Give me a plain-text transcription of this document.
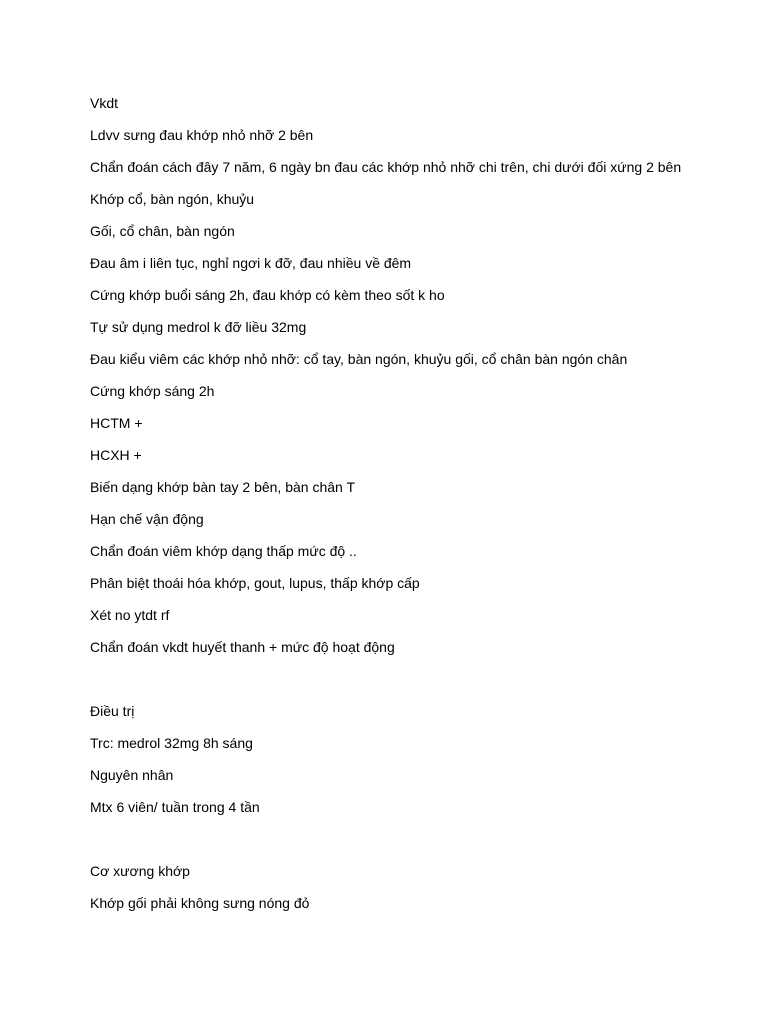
Vkdt
Ldvv sưng đau khớp nhỏ nhỡ 2 bên
Chẩn đoán cách đây 7 năm, 6 ngày bn đau các khớp nhỏ nhỡ chi trên, chi dưới đối xứng 2 bên
Khớp cổ, bàn ngón, khuỷu
Gối, cổ chân, bàn ngón
Đau âm i liên tục, nghỉ ngơi k đỡ, đau nhiều về đêm
Cứng khớp buổi sáng 2h, đau khớp có kèm theo sốt k ho
Tự sử dụng medrol k đỡ liều 32mg
Đau kiểu viêm các khớp nhỏ nhỡ: cổ tay, bàn ngón, khuỷu gối, cổ chân bàn ngón chân
Cứng khớp sáng 2h
HCTM +
HCXH +
Biến dạng khớp bàn tay 2 bên, bàn chân T
Hạn chế vận động
Chẩn đoán viêm khớp dạng thấp mức độ ..
Phân biệt thoái hóa khớp, gout, lupus, thấp khớp cấp
Xét no ytdt rf
Chẩn đoán vkdt huyết thanh + mức độ hoạt động
Điều trị
Trc: medrol 32mg 8h sáng
Nguyên nhân
Mtx 6 viên/ tuần trong 4 tần
Cơ xương khớp
Khớp gối phải không sưng nóng đỏ
